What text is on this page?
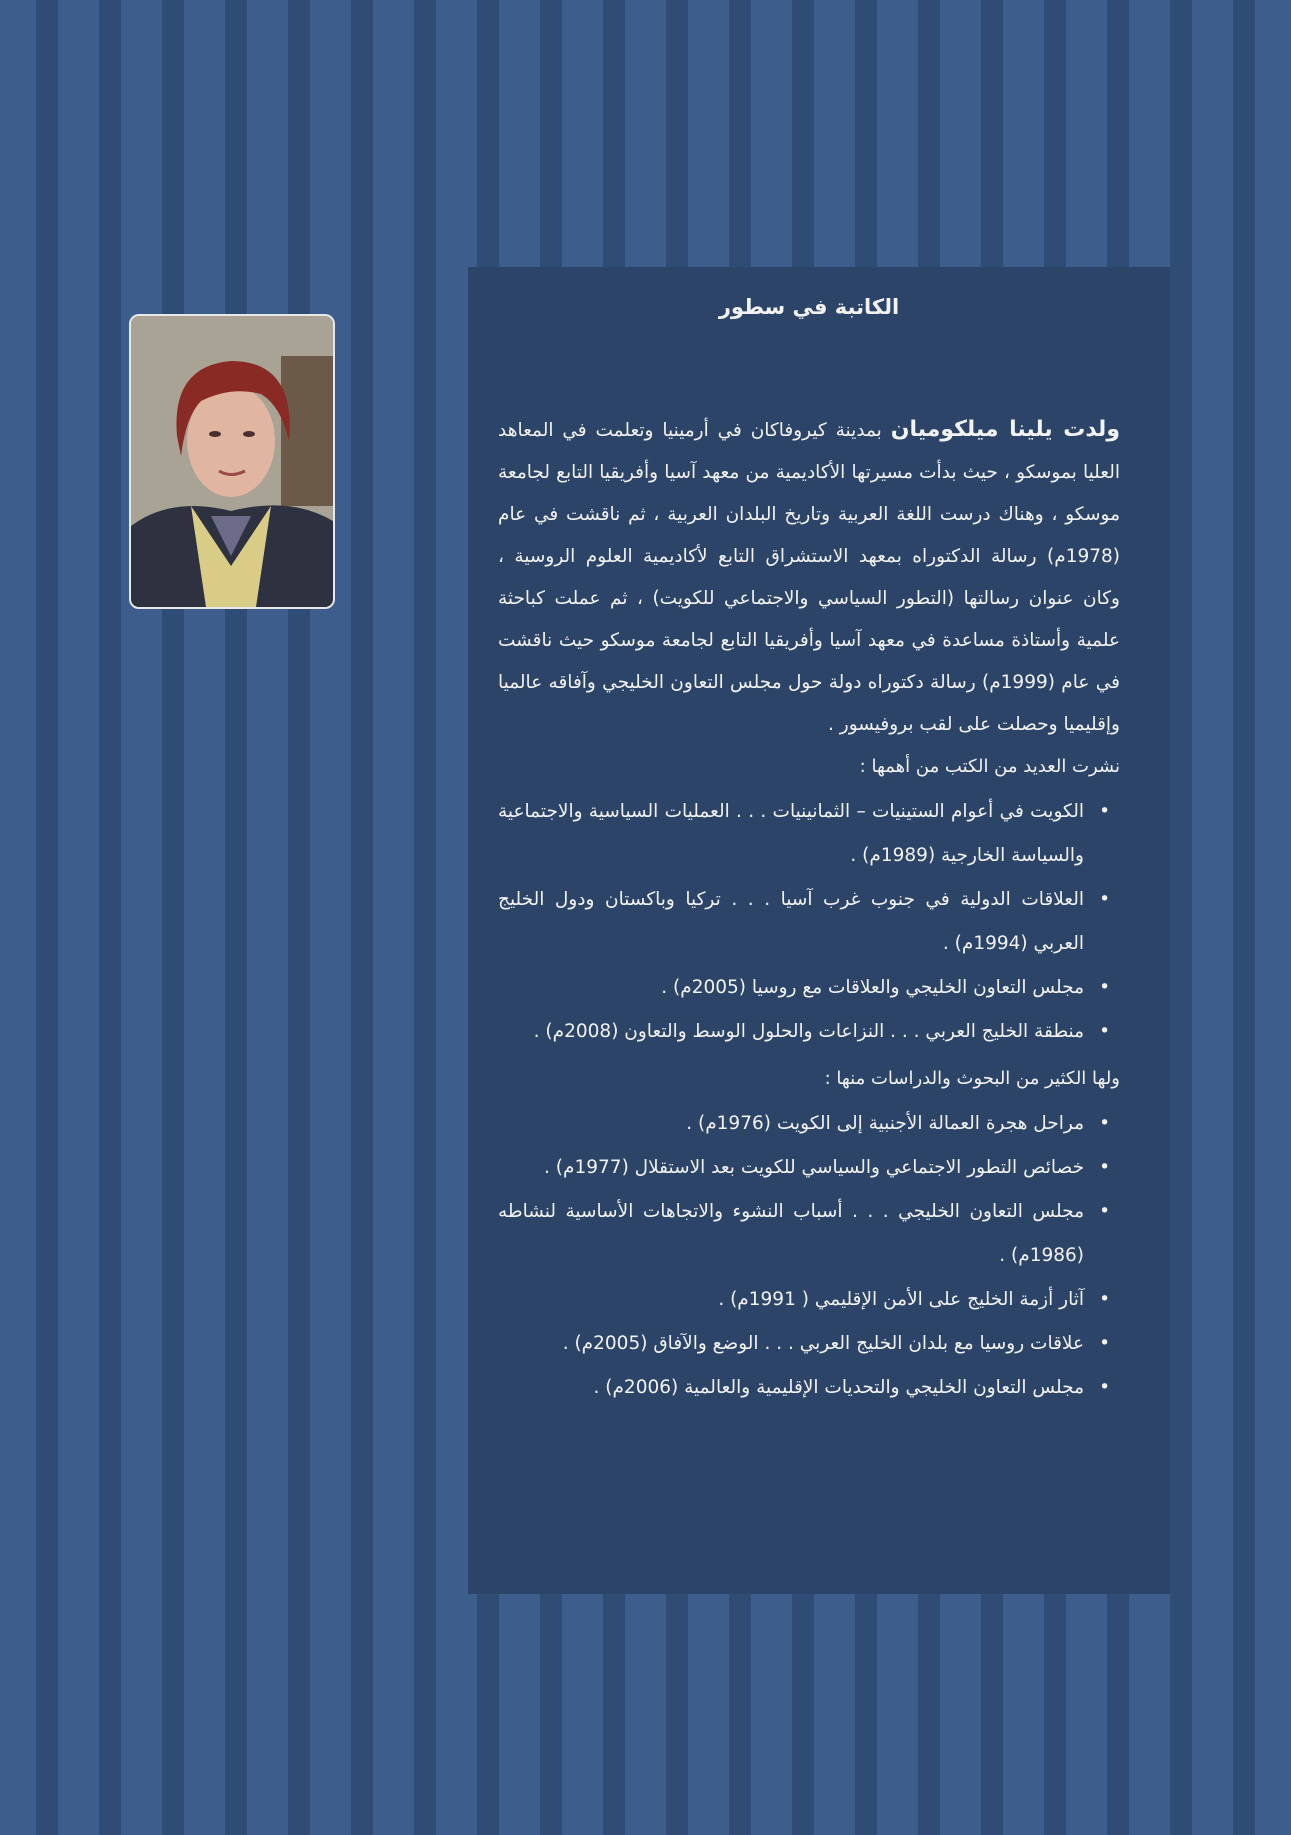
الكاتبة في سطور

ولدت يلينا ميلكوميان بمدينة كيروفاكان في أرمينيا وتعلمت في المعاهد العليا بموسكو ، حيث بدأت مسيرتها الأكاديمية من معهد آسيا وأفريقيا التابع لجامعة موسكو ، وهناك درست اللغة العربية وتاريخ البلدان العربية ، ثم ناقشت في عام (1978م) رسالة الدكتوراه بمعهد الاستشراق التابع لأكاديمية العلوم الروسية ، وكان عنوان رسالتها (التطور السياسي والاجتماعي للكويت) ، ثم عملت كباحثة علمية وأستاذة مساعدة في معهد آسيا وأفريقيا التابع لجامعة موسكو حيث ناقشت في عام (1999م) رسالة دكتوراه دولة حول مجلس التعاون الخليجي وآفاقه عالميا وإقليميا وحصلت على لقب بروفيسور .

نشرت العديد من الكتب من أهمها :

• الكويت في أعوام الستينيات – الثمانينيات . . . العمليات السياسية والاجتماعية والسياسة الخارجية (1989م) .
• العلاقات الدولية في جنوب غرب آسيا . . . تركيا وباكستان ودول الخليج العربي (1994م) .
• مجلس التعاون الخليجي والعلاقات مع روسيا (2005م) .
• منطقة الخليج العربي . . . النزاعات والحلول الوسط والتعاون (2008م) .

ولها الكثير من البحوث والدراسات منها :

• مراحل هجرة العمالة الأجنبية إلى الكويت (1976م) .
• خصائص التطور الاجتماعي والسياسي للكويت بعد الاستقلال (1977م) .
• مجلس التعاون الخليجي . . . أسباب النشوء والاتجاهات الأساسية لنشاطه (1986م) .
• آثار أزمة الخليج على الأمن الإقليمي ( 1991م) .
• علاقات روسيا مع بلدان الخليج العربي . . . الوضع والآفاق (2005م) .
• مجلس التعاون الخليجي والتحديات الإقليمية والعالمية (2006م) .
